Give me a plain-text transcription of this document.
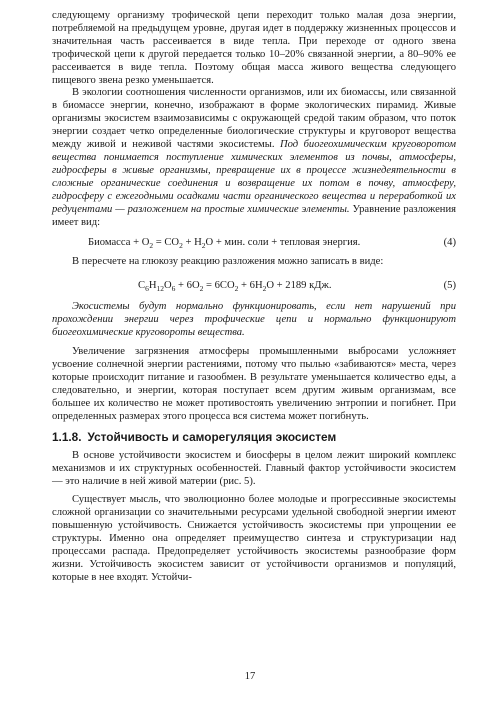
следующему организму трофической цепи переходит только малая доза энергии, потребляемой на предыдущем уровне, другая идет в поддержку жизненных процессов и значительная часть рассеивается в виде тепла. При переходе от одного звена трофической цепи к другой передается только 10–20% связанной энергии, а 80–90% ее рассеивается в виде тепла. Поэтому общая масса живого вещества следующего пищевого звена резко уменьшается.

В экологии соотношения численности организмов, или их биомассы, или связанной в биомассе энергии, конечно, изображают в форме экологических пирамид. Живые организмы экосистем взаимозависимы с окружающей средой таким образом, что поток энергии создает четко определенные биологические структуры и круговорот вещества между живой и неживой частями экосистемы. Под биогеохимическим круговоротом вещества понимается поступление химических элементов из почвы, атмосферы, гидросферы в живые организмы, превращение их в процессе жизнедеятельности в сложные органические соединения и возвращение их потом в почву, атмосферу, гидросферу с ежегодными осадками части органического вещества и переработкой их редуцентами — разложением на простые химические элементы. Уравнение разложения имеет вид:

Биомасса + $O_2 = CO_2 + H_2O$ + мин. соли + тепловая энергия.	(4)

В пересчете на глюкозу реакцию разложения можно записать в виде:

$C_6H_{12}O_6 + 6O_2 = 6CO_2 + 6H_2O + 2189$ кДж.	(5)

Экосистемы будут нормально функционировать, если нет нарушений при прохождении энергии через трофические цепи и нормально функционируют биогеохимические круговороты вещества.

Увеличение загрязнения атмосферы промышленными выбросами усложняет усвоение солнечной энергии растениями, потому что пылью «забиваются» места, через которые происходит питание и газообмен. В результате уменьшается количество еды, а следовательно, и энергии, которая поступает всем другим живым организмам, все большее их количество не может противостоять увеличению энтропии и погибнет. При определенных размерах этого процесса вся система может погибнуть.

1.1.8. Устойчивость и саморегуляция экосистем

В основе устойчивости экосистем и биосферы в целом лежит широкий комплекс механизмов и их структурных особенностей. Главный фактор устойчивости экосистем — это наличие в ней живой материи (рис. 5).

Существует мысль, что эволюционно более молодые и прогрессивные экосистемы сложной организации со значительными ресурсами удельной свободной энергии имеют повышенную устойчивость. Снижается устойчивость экосистемы при упрощении ее структуры. Именно она определяет преимущество синтеза и структуризации над процессами распада. Предопределяет устойчивость экосистемы разнообразие форм жизни. Устойчивость экосистем зависит от устойчивости организмов и популяций, которые в нее входят. Устойчи-

17
